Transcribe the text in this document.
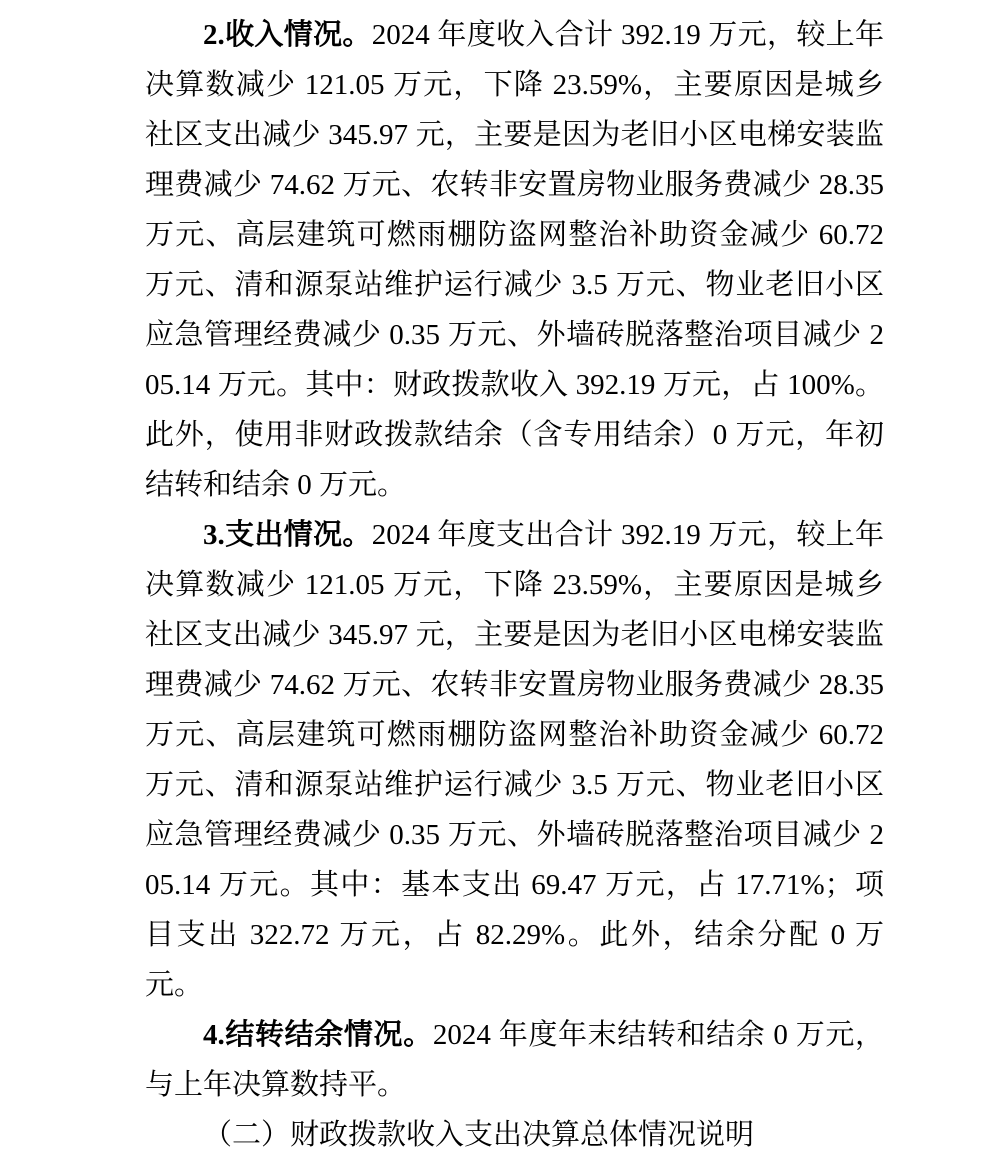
2.收入情况。2024 年度收入合计 392.19 万元，较上年决算数减少 121.05 万元，下降 23.59%，主要原因是城乡社区支出减少 345.97 元，主要是因为老旧小区电梯安装监理费减少 74.62 万元、农转非安置房物业服务费减少 28.35 万元、高层建筑可燃雨棚防盗网整治补助资金减少 60.72 万元、清和源泵站维护运行减少 3.5 万元、物业老旧小区应急管理经费减少 0.35 万元、外墙砖脱落整治项目减少 205.14 万元。其中：财政拨款收入 392.19 万元，占 100%。此外，使用非财政拨款结余（含专用结余）0 万元，年初结转和结余 0 万元。

3.支出情况。2024 年度支出合计 392.19 万元，较上年决算数减少 121.05 万元，下降 23.59%，主要原因是城乡社区支出减少 345.97 元，主要是因为老旧小区电梯安装监理费减少 74.62 万元、农转非安置房物业服务费减少 28.35 万元、高层建筑可燃雨棚防盗网整治补助资金减少 60.72 万元、清和源泵站维护运行减少 3.5 万元、物业老旧小区应急管理经费减少 0.35 万元、外墙砖脱落整治项目减少 205.14 万元。其中：基本支出 69.47 万元，占 17.71%；项目支出 322.72 万元，占 82.29%。此外，结余分配 0 万元。

4.结转结余情况。2024 年度年末结转和结余 0 万元，与上年决算数持平。

（二）财政拨款收入支出决算总体情况说明
